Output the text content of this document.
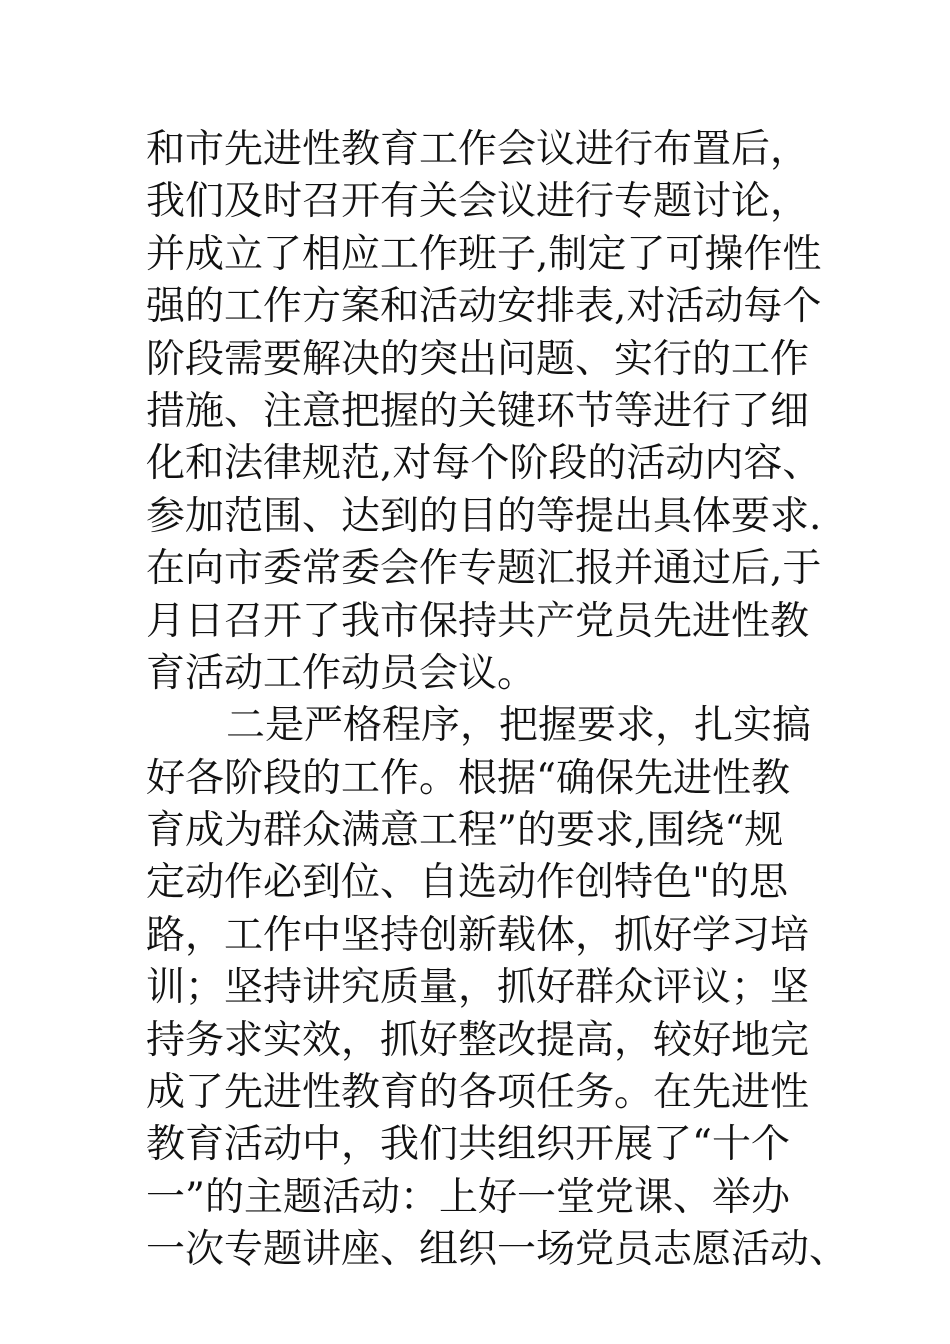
和市先进性教育工作会议进行布置后，
我们及时召开有关会议进行专题讨论，
并成立了相应工作班子,制定了可操作性
强的工作方案和活动安排表,对活动每个
阶段需要解决的突出问题、实行的工作
措施、注意把握的关键环节等进行了细
化和法律规范,对每个阶段的活动内容、
参加范围、达到的目的等提出具体要求.
在向市委常委会作专题汇报并通过后,于
月日召开了我市保持共产党员先进性教
育活动工作动员会议。
二是严格程序，把握要求，扎实搞
好各阶段的工作。根据“确保先进性教
育成为群众满意工程”的要求,围绕“规
定动作必到位、自选动作创特色"的思
路，工作中坚持创新载体，抓好学习培
训；坚持讲究质量，抓好群众评议；坚
持务求实效，抓好整改提高，较好地完
成了先进性教育的各项任务。在先进性
教育活动中，我们共组织开展了“十个
一”的主题活动：上好一堂党课、举办
一次专题讲座、组织一场党员志愿活动、
